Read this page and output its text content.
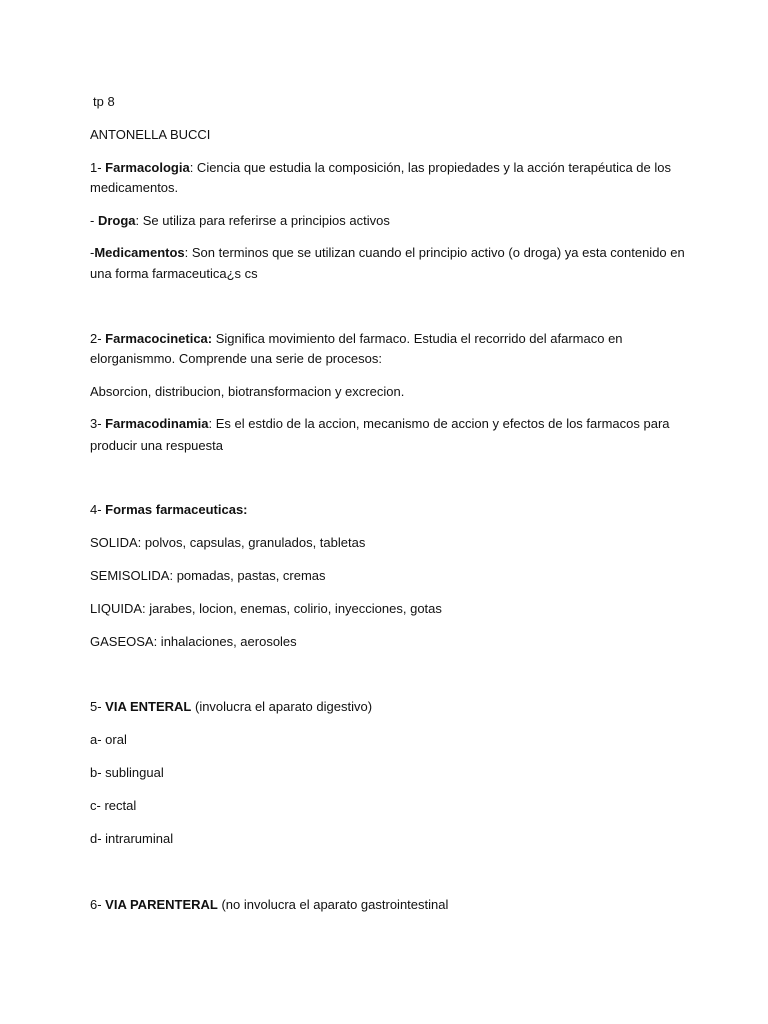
tp 8
ANTONELLA BUCCI
1- Farmacologia: Ciencia que estudia la composición, las propiedades y la acción terapéutica de los
medicamentos.
- Droga: Se utiliza para referirse a principios activos
-Medicamentos: Son terminos que se utilizan cuando el principio activo (o droga) ya esta contenido en
una forma farmaceutica¿s cs
2- Farmacocinetica: Significa movimiento del farmaco. Estudia el recorrido del afarmaco en
elorganismmo. Comprende una serie de procesos:
Absorcion, distribucion, biotransformacion y excrecion.
3- Farmacodinamia: Es el estdio de la accion, mecanismo de accion y efectos de los farmacos para
producir una respuesta
4- Formas farmaceuticas:
SOLIDA: polvos, capsulas, granulados, tabletas
SEMISOLIDA: pomadas, pastas, cremas
LIQUIDA: jarabes, locion, enemas, colirio, inyecciones, gotas
GASEOSA: inhalaciones, aerosoles
5- VIA ENTERAL (involucra el aparato digestivo)
a- oral
b- sublingual
c- rectal
d- intraruminal
6- VIA PARENTERAL (no involucra el aparato gastrointestinal
